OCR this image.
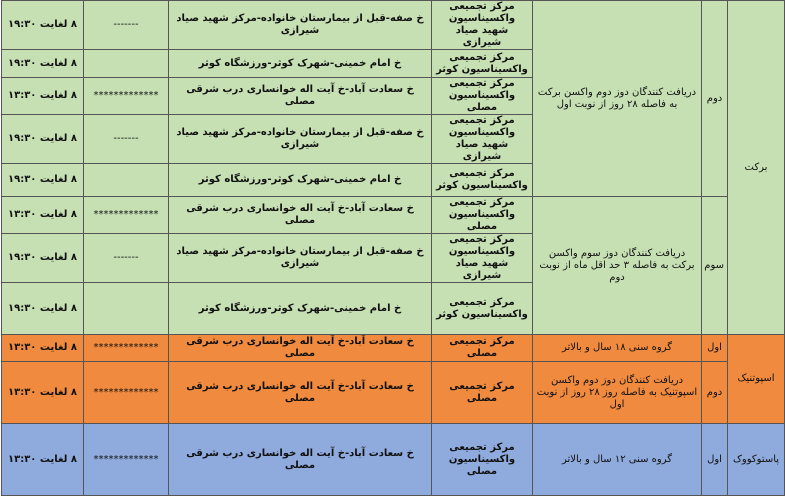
برکت	دوم	دریافت کنندگان دوز دوم واکسن برکت به فاصله ۲۸ روز از نوبت اول	مرکز تجمیعی واکسیناسیون شهید صیاد شیرازی	خ صفه-قبل از بیمارستان خانواده-مرکز شهید صیاد شیرازی	-------	۸ لغایت ۱۹:۳۰
			مرکز تجمیعی واکسیناسیون کوثر	خ امام خمینی-شهرک کوثر-ورزشگاه کوثر		۸ لغایت ۱۹:۳۰
			مرکز تجمیعی واکسیناسیون مصلی	خ سعادت آباد-خ آیت اله خوانساری درب شرقی مصلی	*************	۸ لغایت ۱۳:۳۰
			مرکز تجمیعی واکسیناسیون شهید صیاد شیرازی	خ صفه-قبل از بیمارستان خانواده-مرکز شهید صیاد شیرازی	-------	۸ لغایت ۱۹:۳۰
			مرکز تجمیعی واکسیناسیون کوثر	خ امام خمینی-شهرک کوثر-ورزشگاه کوثر		۸ لغایت ۱۹:۳۰
	سوم	دریافت کنندگان دوز سوم واکسن برکت به فاصله ۳ حد اقل ماه از نوبت دوم	مرکز تجمیعی واکسیناسیون مصلی	خ سعادت آباد-خ آیت اله خوانساری درب شرقی مصلی	*************	۸ لغایت ۱۳:۳۰
			مرکز تجمیعی واکسیناسیون شهید صیاد شیرازی	خ صفه-قبل از بیمارستان خانواده-مرکز شهید صیاد شیرازی	-------	۸ لغایت ۱۹:۳۰
			مرکز تجمیعی واکسیناسیون کوثر	خ امام خمینی-شهرک کوثر-ورزشگاه کوثر		۸ لغایت ۱۹:۳۰
اسپوتنیک	اول	گروه سنی ۱۸ سال و بالاتر	مرکز تجمیعی مصلی	خ سعادت آباد-خ آیت اله خوانساری درب شرقی مصلی	*************	۸ لغایت ۱۳:۳۰
	دوم	دریافت کنندگان دوز دوم واکسن اسپوتنیک به فاصله روز ۲۸ روز از نوبت اول	مرکز تجمیعی مصلی	خ سعادت آباد-خ آیت اله خوانساری درب شرقی مصلی	*************	۸ لغایت ۱۳:۳۰
پاستوکووک	اول	گروه سنی ۱۲ سال و بالاتر	مرکز تجمیعی واکسیناسیون مصلی	خ سعادت آباد-خ آیت اله خوانساری درب شرقی مصلی	*************	۸ لغایت ۱۳:۳۰
